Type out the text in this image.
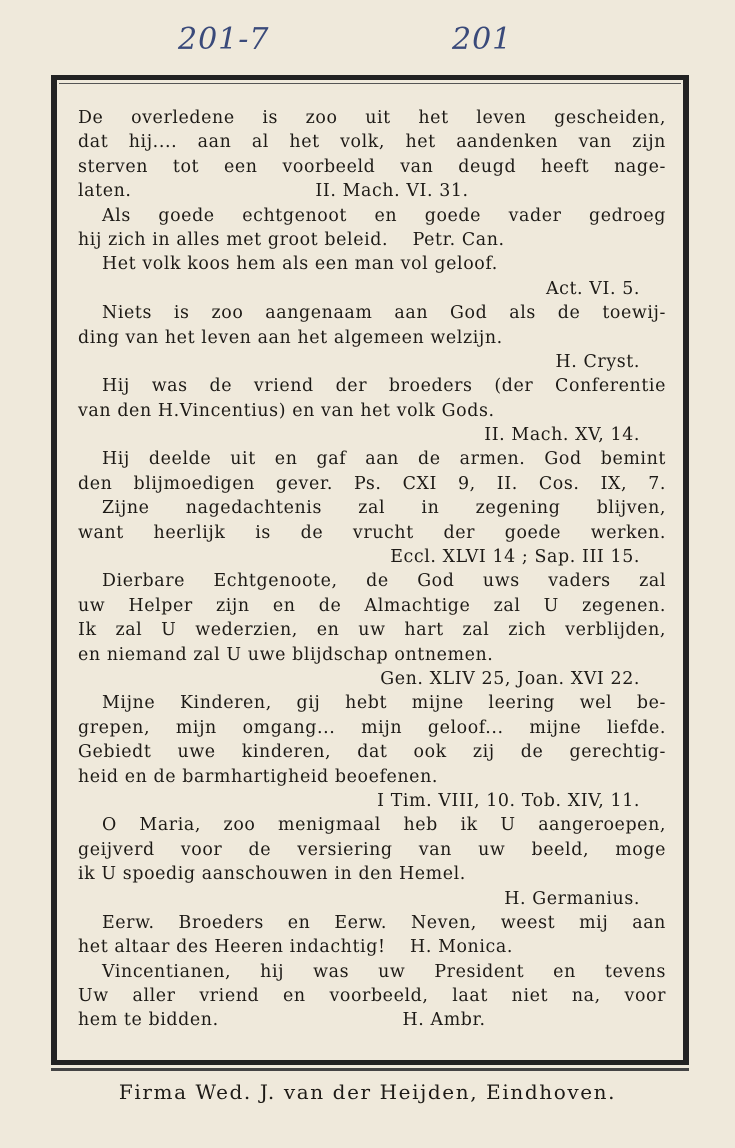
201-7	201
De overledene is zoo uit het leven gescheiden,
dat hij.... aan al het volk, het aandenken van zijn
sterven tot een voorbeeld van deugd heeft nage-
laten.                              II. Mach. VI. 31.
Als goede echtgenoot en goede vader gedroeg
hij zich in alles met groot beleid.    Petr. Can.
Het volk koos hem als een man vol geloof.
Act. VI. 5.
Niets is zoo aangenaam aan God als de toewij-
ding van het leven aan het algemeen welzijn.
H. Cryst.
Hij was de vriend der broeders (der Conferentie
van den H.Vincentius) en van het volk Gods.
II. Mach. XV, 14.
Hij deelde uit en gaf aan de armen. God bemint
den blijmoedigen gever. Ps. CXI 9, II. Cos. IX, 7.
Zijne nagedachtenis zal in zegening blijven,
want heerlijk is de vrucht der goede werken.
Eccl. XLVI 14 ; Sap. III 15.
Dierbare Echtgenoote, de God uws vaders zal
uw Helper zijn en de Almachtige zal U zegenen.
Ik zal U wederzien, en uw hart zal zich verblijden,
en niemand zal U uwe blijdschap ontnemen.
Gen. XLIV 25, Joan. XVI 22.
Mijne Kinderen, gij hebt mijne leering wel be-
grepen, mijn omgang... mijn geloof... mijne liefde.
Gebiedt uwe kinderen, dat ook zij de gerechtig-
heid en de barmhartigheid beoefenen.
I Tim. VIII, 10. Tob. XIV, 11.
O Maria, zoo menigmaal heb ik U aangeroepen,
geijverd voor de versiering van uw beeld, moge
ik U spoedig aanschouwen in den Hemel.
H. Germanius.
Eerw. Broeders en Eerw. Neven, weest mij aan
het altaar des Heeren indachtig!    H. Monica.
Vincentianen, hij was uw President en tevens
Uw aller vriend en voorbeeld, laat niet na, voor
hem te bidden.                              H. Ambr.
Firma Wed. J. van der Heijden, Eindhoven.
